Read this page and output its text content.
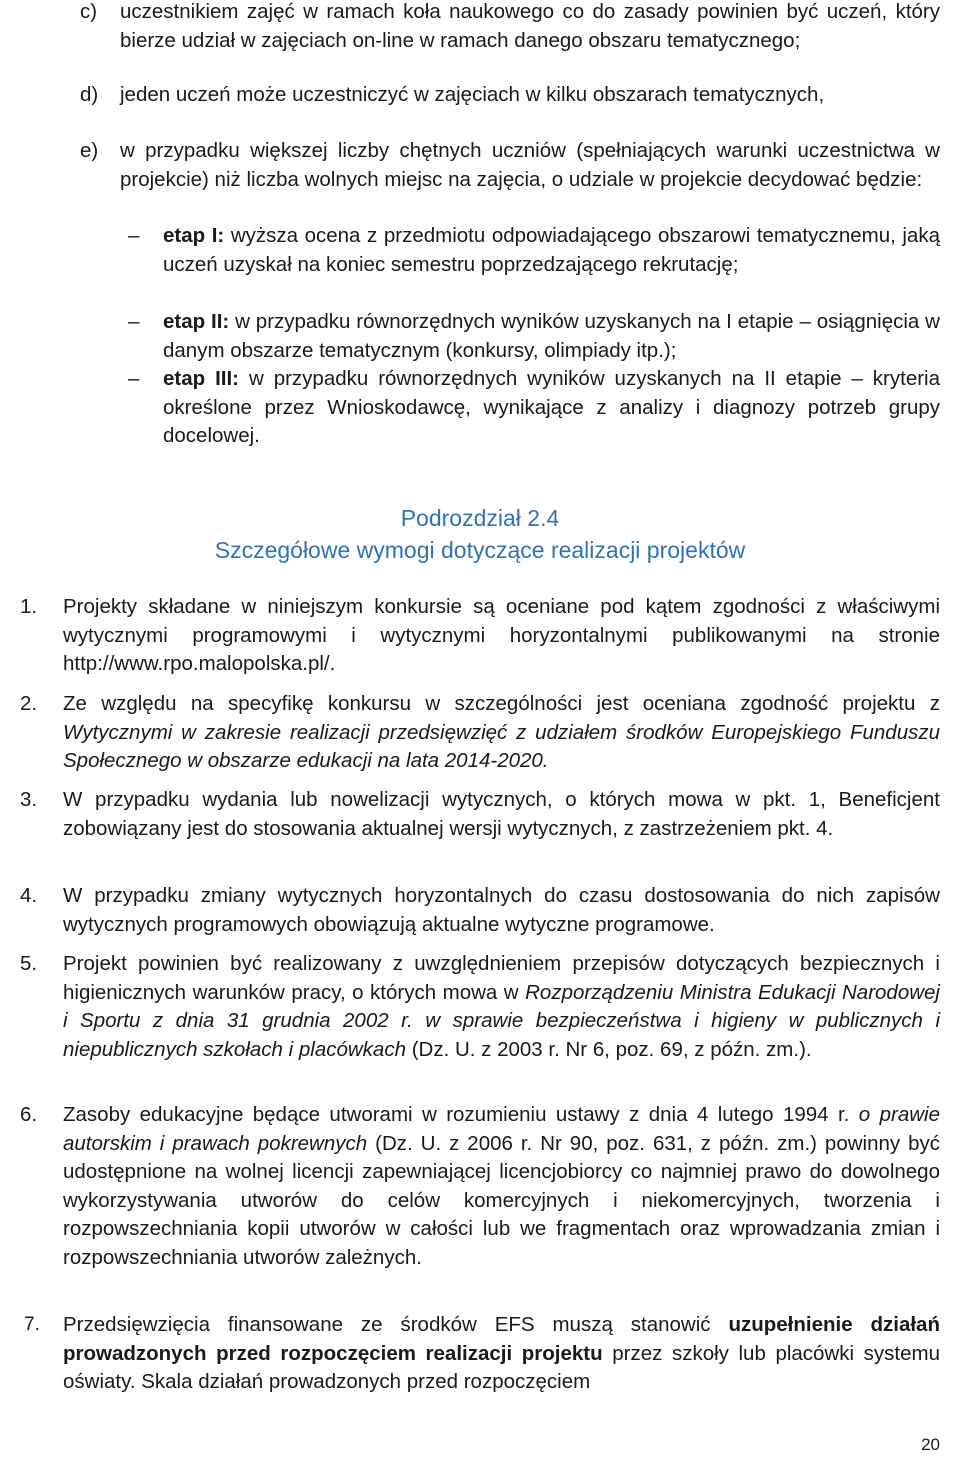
c) uczestnikiem zajęć w ramach koła naukowego co do zasady powinien być uczeń, który bierze udział w zajęciach on-line w ramach danego obszaru tematycznego;
d) jeden uczeń może uczestniczyć w zajęciach w kilku obszarach tematycznych,
e) w przypadku większej liczby chętnych uczniów (spełniających warunki uczestnictwa w projekcie) niż liczba wolnych miejsc na zajęcia, o udziale w projekcie decydować będzie:
– etap I: wyższa ocena z przedmiotu odpowiadającego obszarowi tematycznemu, jaką uczeń uzyskał na koniec semestru poprzedzającego rekrutację;
– etap II: w przypadku równorzędnych wyników uzyskanych na I etapie – osiągnięcia w danym obszarze tematycznym (konkursy, olimpiady itp.);
– etap III: w przypadku równorzędnych wyników uzyskanych na II etapie – kryteria określone przez Wnioskodawcę, wynikające z analizy i diagnozy potrzeb grupy docelowej.
Podrozdział 2.4
Szczegółowe wymogi dotyczące realizacji projektów
1. Projekty składane w niniejszym konkursie są oceniane pod kątem zgodności z właściwymi wytycznymi programowymi i wytycznymi horyzontalnymi publikowanymi na stronie http://www.rpo.malopolska.pl/.
2. Ze względu na specyfikę konkursu w szczególności jest oceniana zgodność projektu z Wytycznymi w zakresie realizacji przedsięwzięć z udziałem środków Europejskiego Funduszu Społecznego w obszarze edukacji na lata 2014-2020.
3. W przypadku wydania lub nowelizacji wytycznych, o których mowa w pkt. 1, Beneficjent zobowiązany jest do stosowania aktualnej wersji wytycznych, z zastrzeżeniem pkt. 4.
4. W przypadku zmiany wytycznych horyzontalnych do czasu dostosowania do nich zapisów wytycznych programowych obowiązują aktualne wytyczne programowe.
5. Projekt powinien być realizowany z uwzględnieniem przepisów dotyczących bezpiecznych i higienicznych warunków pracy, o których mowa w Rozporządzeniu Ministra Edukacji Narodowej i Sportu z dnia 31 grudnia 2002 r. w sprawie bezpieczeństwa i higieny w publicznych i niepublicznych szkołach i placówkach (Dz. U. z 2003 r. Nr 6, poz. 69, z późn. zm.).
6. Zasoby edukacyjne będące utworami w rozumieniu ustawy z dnia 4 lutego 1994 r. o prawie autorskim i prawach pokrewnych (Dz. U. z 2006 r. Nr 90, poz. 631, z późn. zm.) powinny być udostępnione na wolnej licencji zapewniającej licencjobiorcy co najmniej prawo do dowolnego wykorzystywania utworów do celów komercyjnych i niekomercyjnych, tworzenia i rozpowszechniania kopii utworów w całości lub we fragmentach oraz wprowadzania zmian i rozpowszechniania utworów zależnych.
7. Przedsięwzięcia finansowane ze środków EFS muszą stanowić uzupełnienie działań prowadzonych przed rozpoczęciem realizacji projektu przez szkoły lub placówki systemu oświaty. Skala działań prowadzonych przed rozpoczęciem
20
